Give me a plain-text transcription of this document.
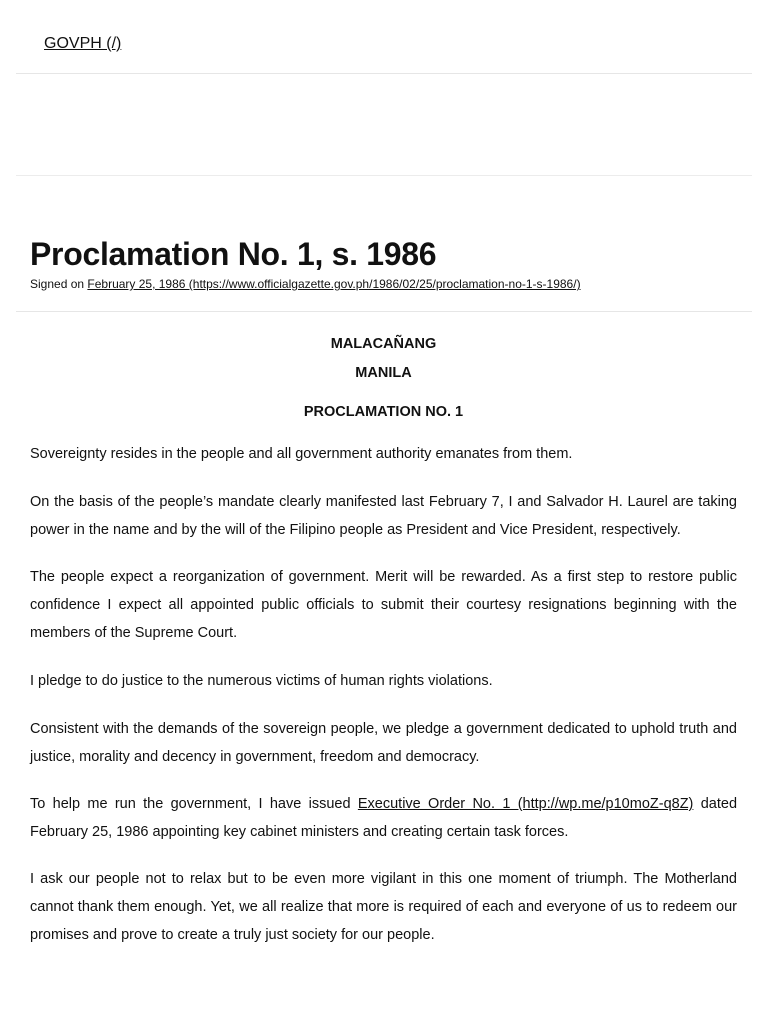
GOVPH (/)
Proclamation No. 1, s. 1986
Signed on February 25, 1986 (https://www.officialgazette.gov.ph/1986/02/25/proclamation-no-1-s-1986/)

MALACAÑANG

MANILA

PROCLAMATION NO. 1

Sovereignty resides in the people and all government authority emanates from them.

On the basis of the people’s mandate clearly manifested last February 7, I and Salvador H. Laurel are taking power in the name and by the will of the Filipino people as President and Vice President, respectively.

The people expect a reorganization of government. Merit will be rewarded. As a first step to restore public confidence I expect all appointed public officials to submit their courtesy resignations beginning with the members of the Supreme Court.

I pledge to do justice to the numerous victims of human rights violations.

Consistent with the demands of the sovereign people, we pledge a government dedicated to uphold truth and justice, morality and decency in government, freedom and democracy.

To help me run the government, I have issued Executive Order No. 1 (http://wp.me/p10moZ-q8Z) dated February 25, 1986 appointing key cabinet ministers and creating certain task forces.

I ask our people not to relax but to be even more vigilant in this one moment of triumph. The Motherland cannot thank them enough. Yet, we all realize that more is required of each and everyone of us to redeem our promises and prove to create a truly just society for our people.
